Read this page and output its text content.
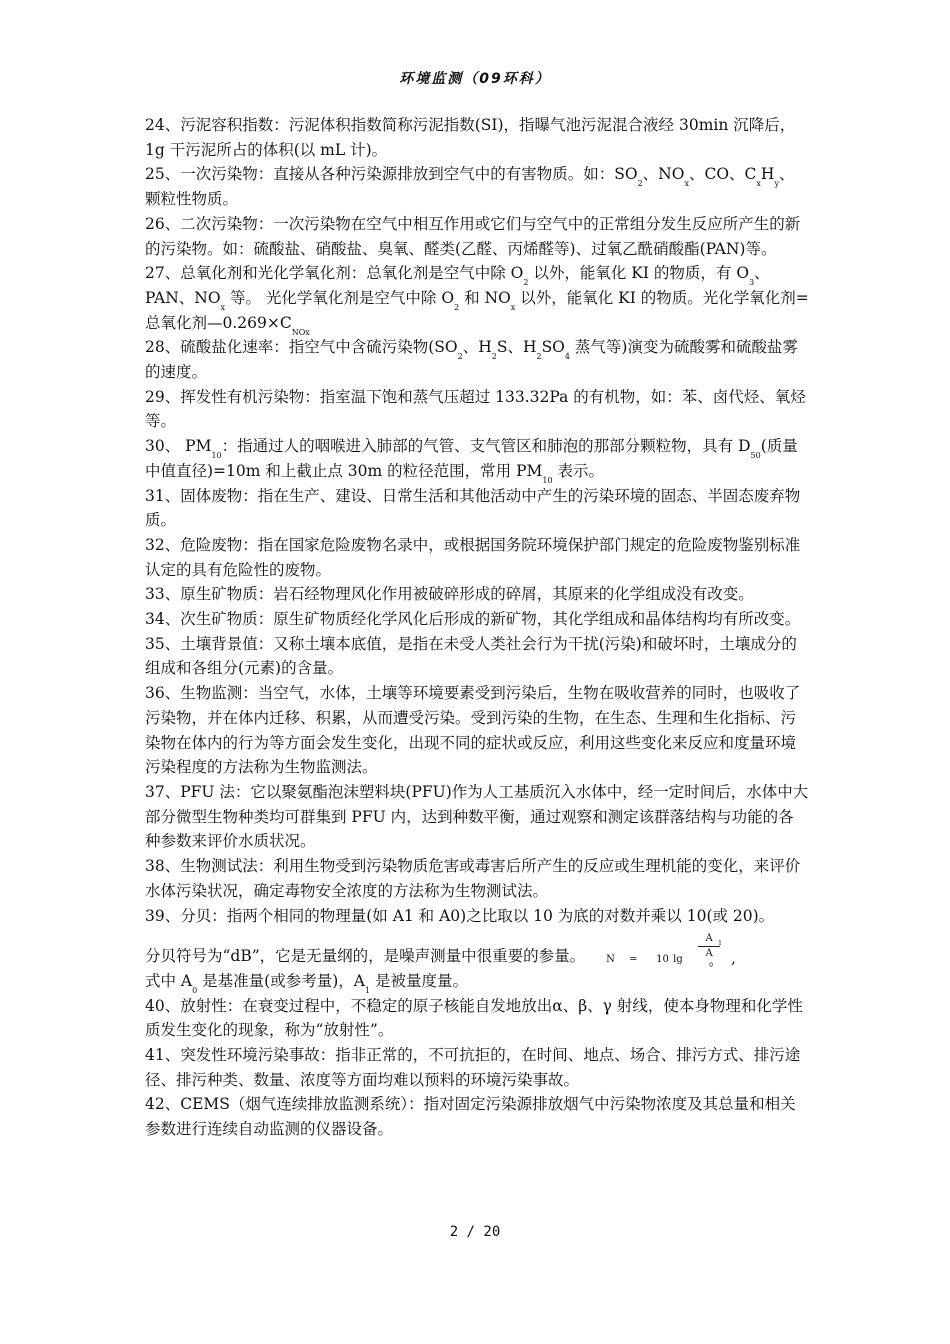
环境监测（09环科）

24、污泥容积指数：污泥体积指数简称污泥指数(SI)，指曝气池污泥混合液经 30min 沉降后，1g 干污泥所占的体积(以 mL 计)。

25、一次污染物：直接从各种污染源排放到空气中的有害物质。如：$SO_2$、$NO_x$、CO、$C_xH_y$、颗粒性物质。

26、二次污染物：一次污染物在空气中相互作用或它们与空气中的正常组分发生反应所产生的新的污染物。如：硫酸盐、硝酸盐、臭氧、醛类(乙醛、丙烯醛等)、过氧乙酰硝酸酯(PAN)等。

27、总氧化剂和光化学氧化剂：总氧化剂是空气中除 $O_2$ 以外，能氧化 KI 的物质，有 $O_3$、PAN、$NO_x$ 等。 光化学氧化剂是空气中除 $O_2$ 和 $NO_x$ 以外，能氧化 KI 的物质。光化学氧化剂=总氧化剂$—0.269\times C_{NOx}$

28、硫酸盐化速率：指空气中含硫污染物($SO_2$、$H_2S$、$H_2SO_4$ 蒸气等)演变为硫酸雾和硫酸盐雾的速度。

29、挥发性有机污染物：指室温下饱和蒸气压超过 133.32Pa 的有机物，如：苯、卤代烃、氧烃等。

30、 $PM_{10}$：指通过人的咽喉进入肺部的气管、支气管区和肺泡的那部分颗粒物，具有 $D_{50}$(质量中值直径)=10m 和上截止点 30m 的粒径范围，常用 $PM_{10}$ 表示。

31、固体废物：指在生产、建设、日常生活和其他活动中产生的污染环境的固态、半固态废弃物质。

32、危险废物：指在国家危险废物名录中，或根据国务院环境保护部门规定的危险废物鉴别标准认定的具有危险性的废物。

33、原生矿物质：岩石经物理风化作用被破碎形成的碎屑，其原来的化学组成没有改变。

34、次生矿物质：原生矿物质经化学风化后形成的新矿物，其化学组成和晶体结构均有所改变。

35、土壤背景值：又称土壤本底值，是指在未受人类社会行为干扰(污染)和破坏时，土壤成分的组成和各组分(元素)的含量。

36、生物监测：当空气，水体，土壤等环境要素受到污染后，生物在吸收营养的同时，也吸收了污染物，并在体内迁移、积累，从而遭受污染。受到污染的生物，在生态、生理和生化指标、污染物在体内的行为等方面会发生变化，出现不同的症状或反应，利用这些变化来反应和度量环境污染程度的方法称为生物监测法。

37、PFU 法：它以聚氨酯泡沫塑料块(PFU)作为人工基质沉入水体中，经一定时间后，水体中大部分微型生物种类均可群集到 PFU 内，达到种数平衡，通过观察和测定该群落结构与功能的各种参数来评价水质状况。

38、生物测试法：利用生物受到污染物质危害或毒害后所产生的反应或生理机能的变化，来评价水体污染状况，确定毒物安全浓度的方法称为生物测试法。

39、分贝：指两个相同的物理量(如 A1 和 A0)之比取以 10 为底的对数并乘以 10(或 20)。

分贝符号为“dB”，它是无量纲的，是噪声测量中很重要的参量。 N = 10 $\lg \frac{A}{A}$
1
0 ,

式中 $A_0$ 是基准量(或参考量)，$A_1$ 是被量度量。

40、放射性：在衰变过程中，不稳定的原子核能自发地放出α、β、γ 射线，使本身物理和化学性质发生变化的现象，称为“放射性”。

41、突发性环境污染事故：指非正常的，不可抗拒的，在时间、地点、场合、排污方式、排污途径、排污种类、数量、浓度等方面均难以预料的环境污染事故。

42、CEMS（烟气连续排放监测系统）：指对固定污染源排放烟气中污染物浓度及其总量和相关参数进行连续自动监测的仪器设备。

2 / 20
